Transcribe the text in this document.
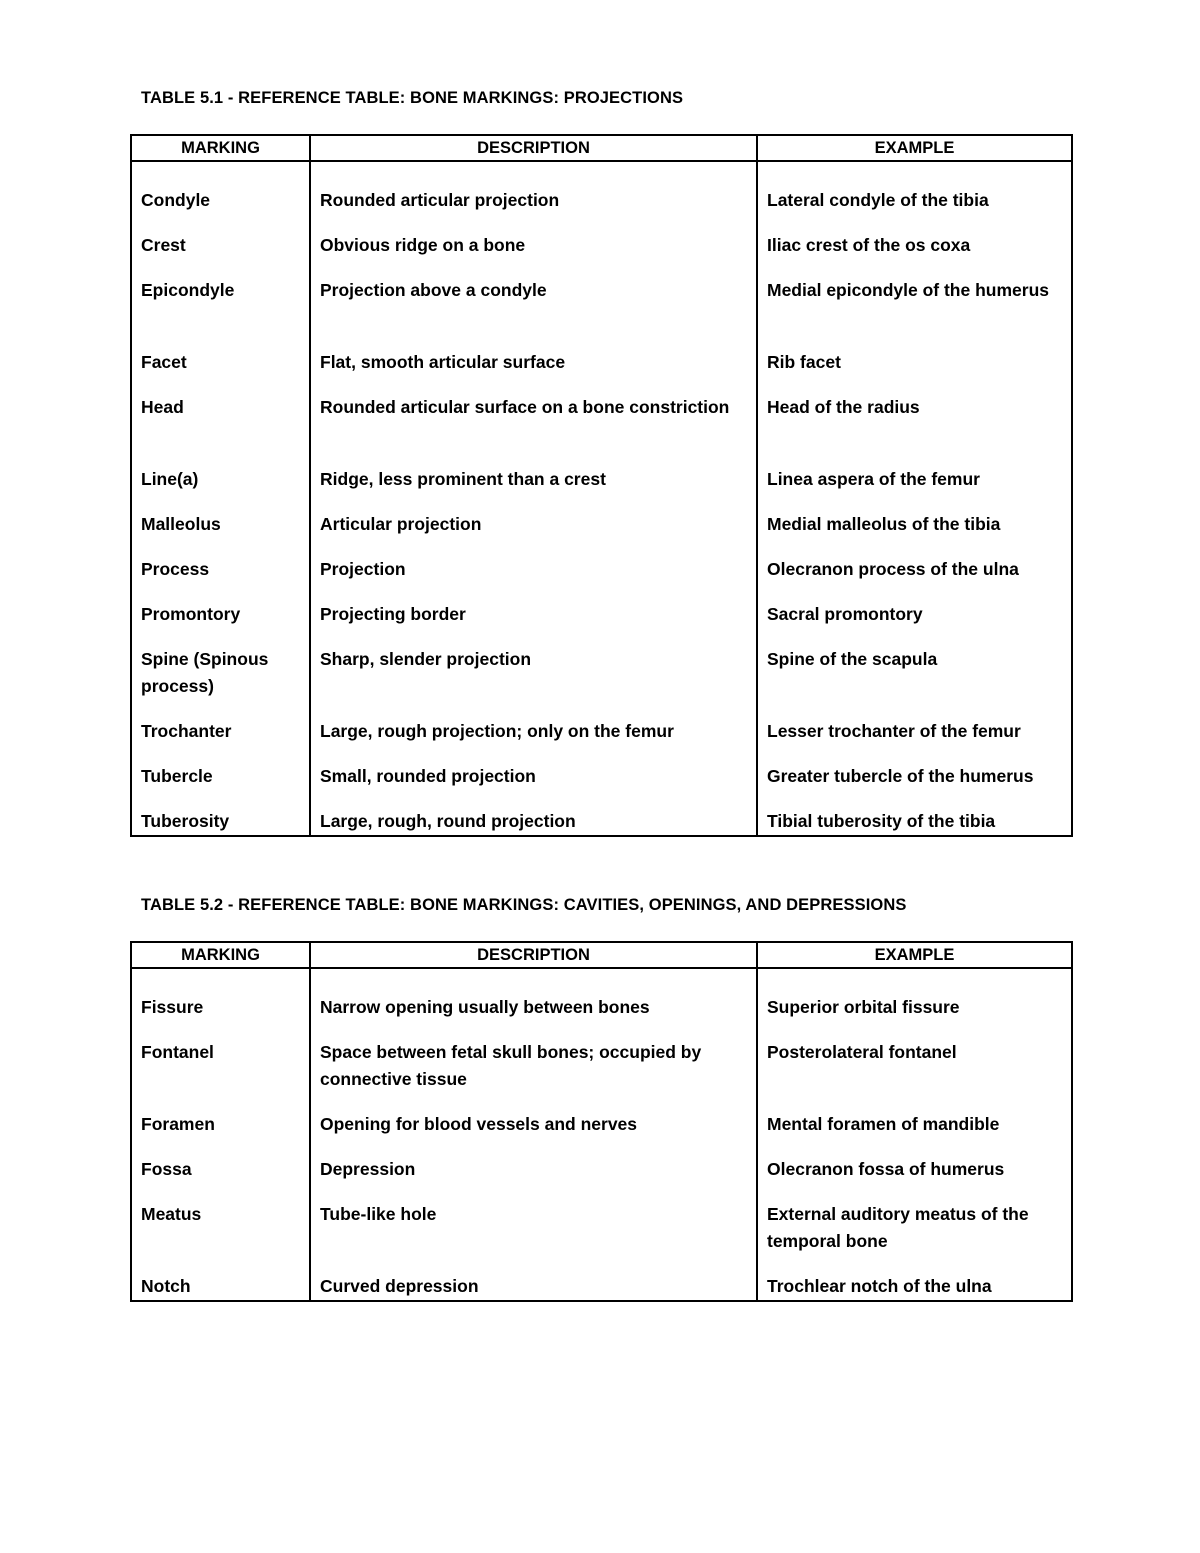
TABLE 5.1 - REFERENCE TABLE: BONE MARKINGS: PROJECTIONS
MARKING	DESCRIPTION	EXAMPLE

Condyle	Rounded articular projection	Lateral condyle of the tibia
Crest	Obvious ridge on a bone	Iliac crest of the os coxa
Epicondyle	Projection above a condyle	Medial epicondyle of the humerus
Facet	Flat, smooth articular surface	Rib facet
Head	Rounded articular surface on a bone constriction	Head of the radius
Line(a)	Ridge, less prominent than a crest	Linea aspera of the femur
Malleolus	Articular projection	Medial malleolus of the tibia
Process	Projection	Olecranon process of the ulna
Promontory	Projecting border	Sacral promontory
Spine (Spinous process)	Sharp, slender projection	Spine of the scapula
Trochanter	Large, rough projection; only on the femur	Lesser trochanter of the femur
Tubercle	Small, rounded projection	Greater tubercle of the humerus
Tuberosity	Large, rough, round projection	Tibial tuberosity of the tibia
TABLE 5.2 - REFERENCE TABLE: BONE MARKINGS: CAVITIES, OPENINGS, AND DEPRESSIONS
MARKING	DESCRIPTION	EXAMPLE

Fissure	Narrow opening usually between bones	Superior orbital fissure
Fontanel	Space between fetal skull bones; occupied by connective tissue	Posterolateral fontanel
Foramen	Opening for blood vessels and nerves	Mental foramen of mandible
Fossa	Depression	Olecranon fossa of humerus
Meatus	Tube-like hole	External auditory meatus of the temporal bone
Notch	Curved depression	Trochlear notch of the ulna
